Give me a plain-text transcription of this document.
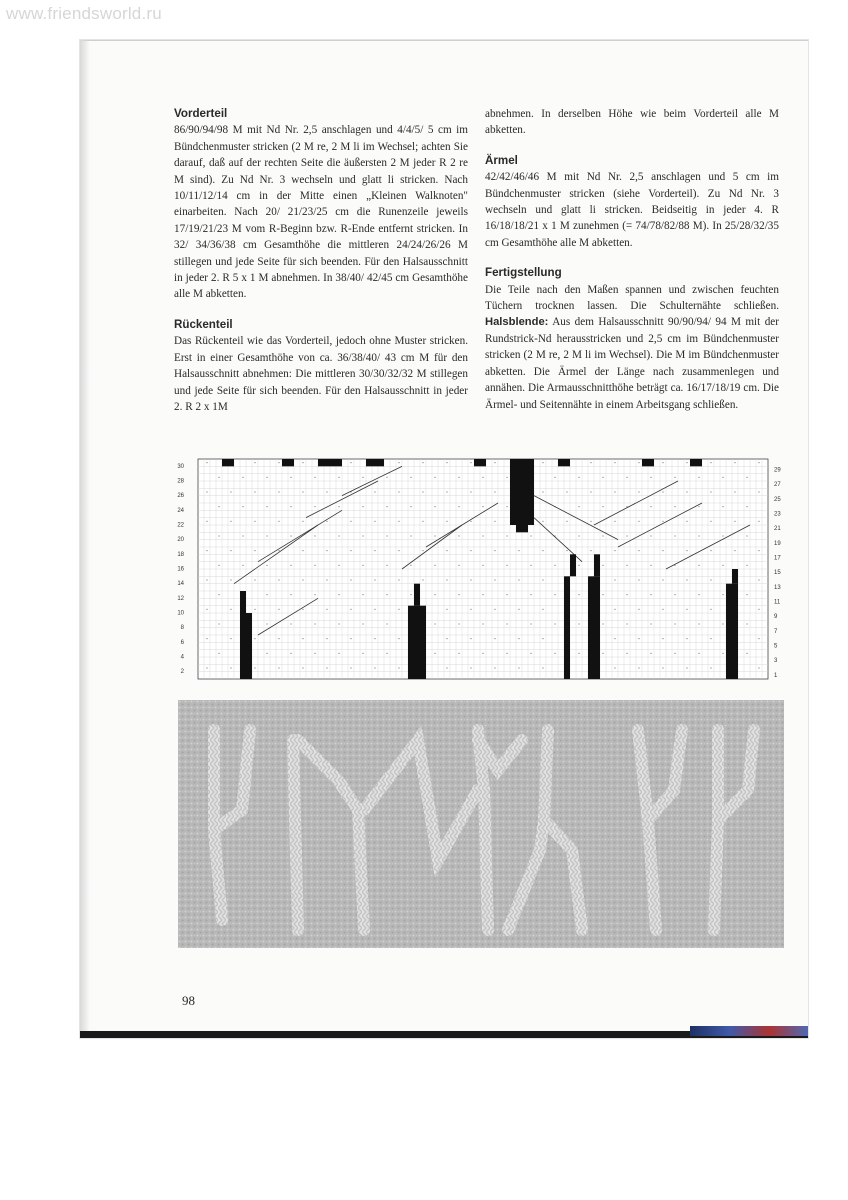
www.friendsworld.ru
Vorderteil

86/90/94/98 M mit Nd Nr. 2,5 anschlagen und 4/4/5/ 5 cm im Bündchenmuster stricken (2 M re, 2 M li im Wechsel; achten Sie darauf, daß auf der rechten Seite die äußersten 2 M jeder R 2 re M sind). Zu Nd Nr. 3 wechseln und glatt li stricken. Nach 10/11/12/14 cm in der Mitte einen „Kleinen Walknoten" einarbeiten. Nach 20/ 21/23/25 cm die Runenzeile jeweils 17/19/21/23 M vom R-Beginn bzw. R-Ende entfernt stricken. In 32/ 34/36/38 cm Gesamthöhe die mittleren 24/24/26/26 M stillegen und jede Seite für sich beenden. Für den Halsausschnitt in jeder 2. R 5 x 1 M abnehmen. In 38/40/ 42/45 cm Gesamthöhe alle M abketten.

Rückenteil

Das Rückenteil wie das Vorderteil, jedoch ohne Muster stricken. Erst in einer Gesamthöhe von ca. 36/38/40/ 43 cm M für den Halsausschnitt abnehmen: Die mittleren 30/30/32/32 M stillegen und jede Seite für sich beenden. Für den Halsausschnitt in jeder 2. R 2 x 1M

abnehmen. In derselben Höhe wie beim Vorderteil alle M abketten.

Ärmel

42/42/46/46 M mit Nd Nr. 2,5 anschlagen und 5 cm im Bündchenmuster stricken (siehe Vorderteil). Zu Nd Nr. 3 wechseln und glatt li stricken. Beidseitig in jeder 4. R 16/18/18/21 x 1 M zunehmen (= 74/78/82/88 M). In 25/28/32/35 cm Gesamthöhe alle M abketten.

Fertigstellung

Die Teile nach den Maßen spannen und zwischen feuchten Tüchern trocknen lassen. Die Schulternähte schließen. Halsblende: Aus dem Halsausschnitt 90/90/94/ 94 M mit der Rundstrick-Nd herausstricken und 2,5 cm im Bündchenmuster stricken (2 M re, 2 M li im Wechsel). Die M im Bündchenmuster abketten. Die Ärmel der Länge nach zusammenlegen und annähen. Die Armausschnitthöhe beträgt ca. 16/17/18/19 cm. Die Ärmel- und Seitennähte in einem Arbeitsgang schließen.

30
28
26
24
22
20
18
16
14
12
10
8
6
4
2
29
27
25
23
21
19
17
15
13
11
9
7
5
3
1
98
